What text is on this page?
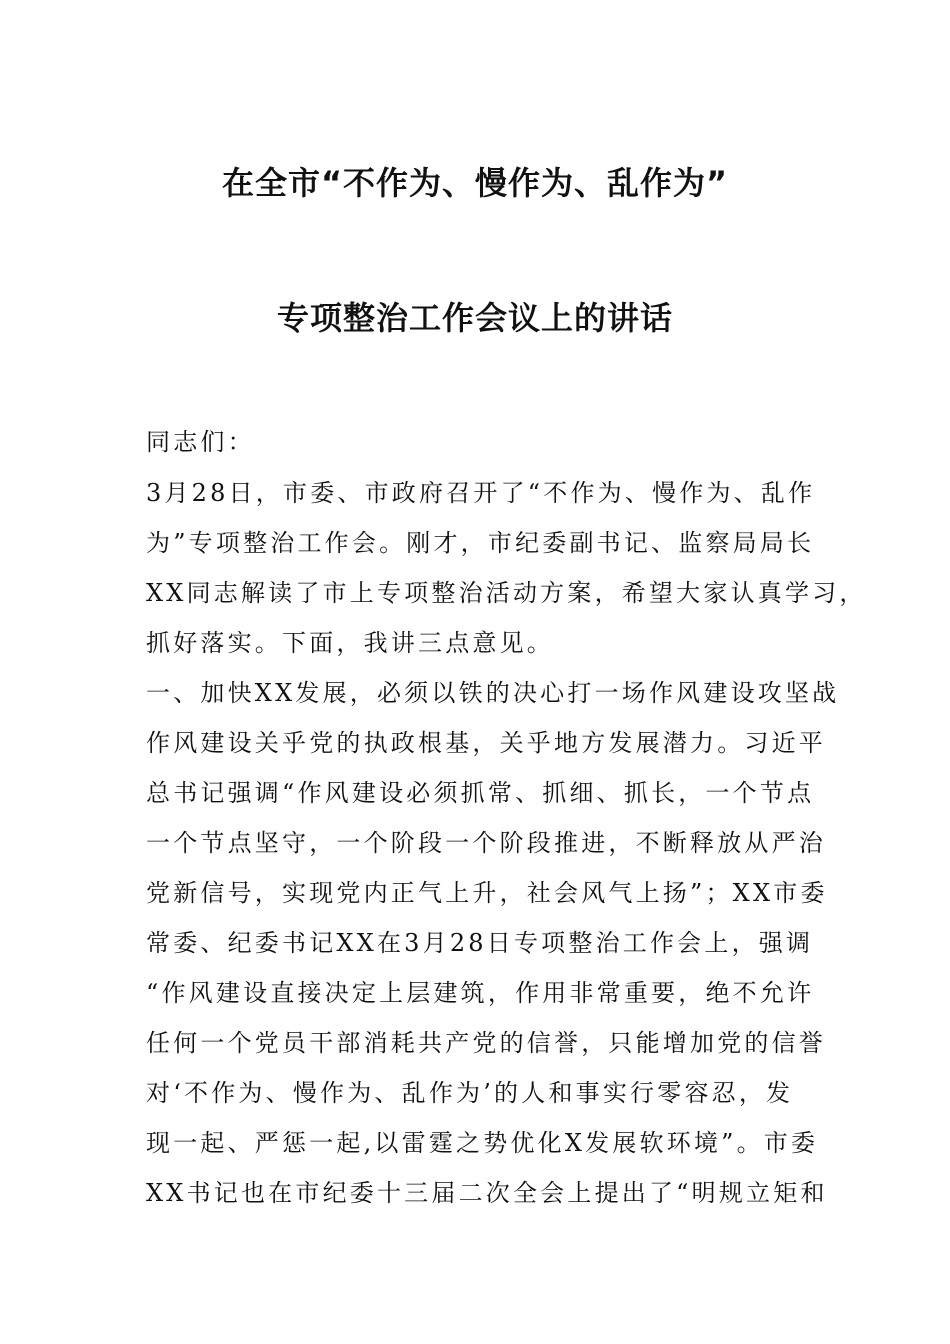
在全市“不作为、慢作为、乱作为”
专项整治工作会议上的讲话
同志们：
3月28日，市委、市政府召开了“不作为、慢作为、乱作
为”专项整治工作会。刚才，市纪委副书记、监察局局长
XX同志解读了市上专项整治活动方案，希望大家认真学习，
抓好落实。下面，我讲三点意见。
一、加快XX发展，必须以铁的决心打一场作风建设攻坚战
作风建设关乎党的执政根基，关乎地方发展潜力。习近平
总书记强调“作风建设必须抓常、抓细、抓长，一个节点
一个节点坚守，一个阶段一个阶段推进，不断释放从严治
党新信号，实现党内正气上升，社会风气上扬”；XX市委
常委、纪委书记XX在3月28日专项整治工作会上，强调
“作风建设直接决定上层建筑，作用非常重要，绝不允许
任何一个党员干部消耗共产党的信誉，只能增加党的信誉
对‘不作为、慢作为、乱作为’的人和事实行零容忍，发
现一起、严惩一起,以雷霆之势优化X发展软环境”。市委
XX书记也在市纪委十三届二次全会上提出了“明规立矩和
